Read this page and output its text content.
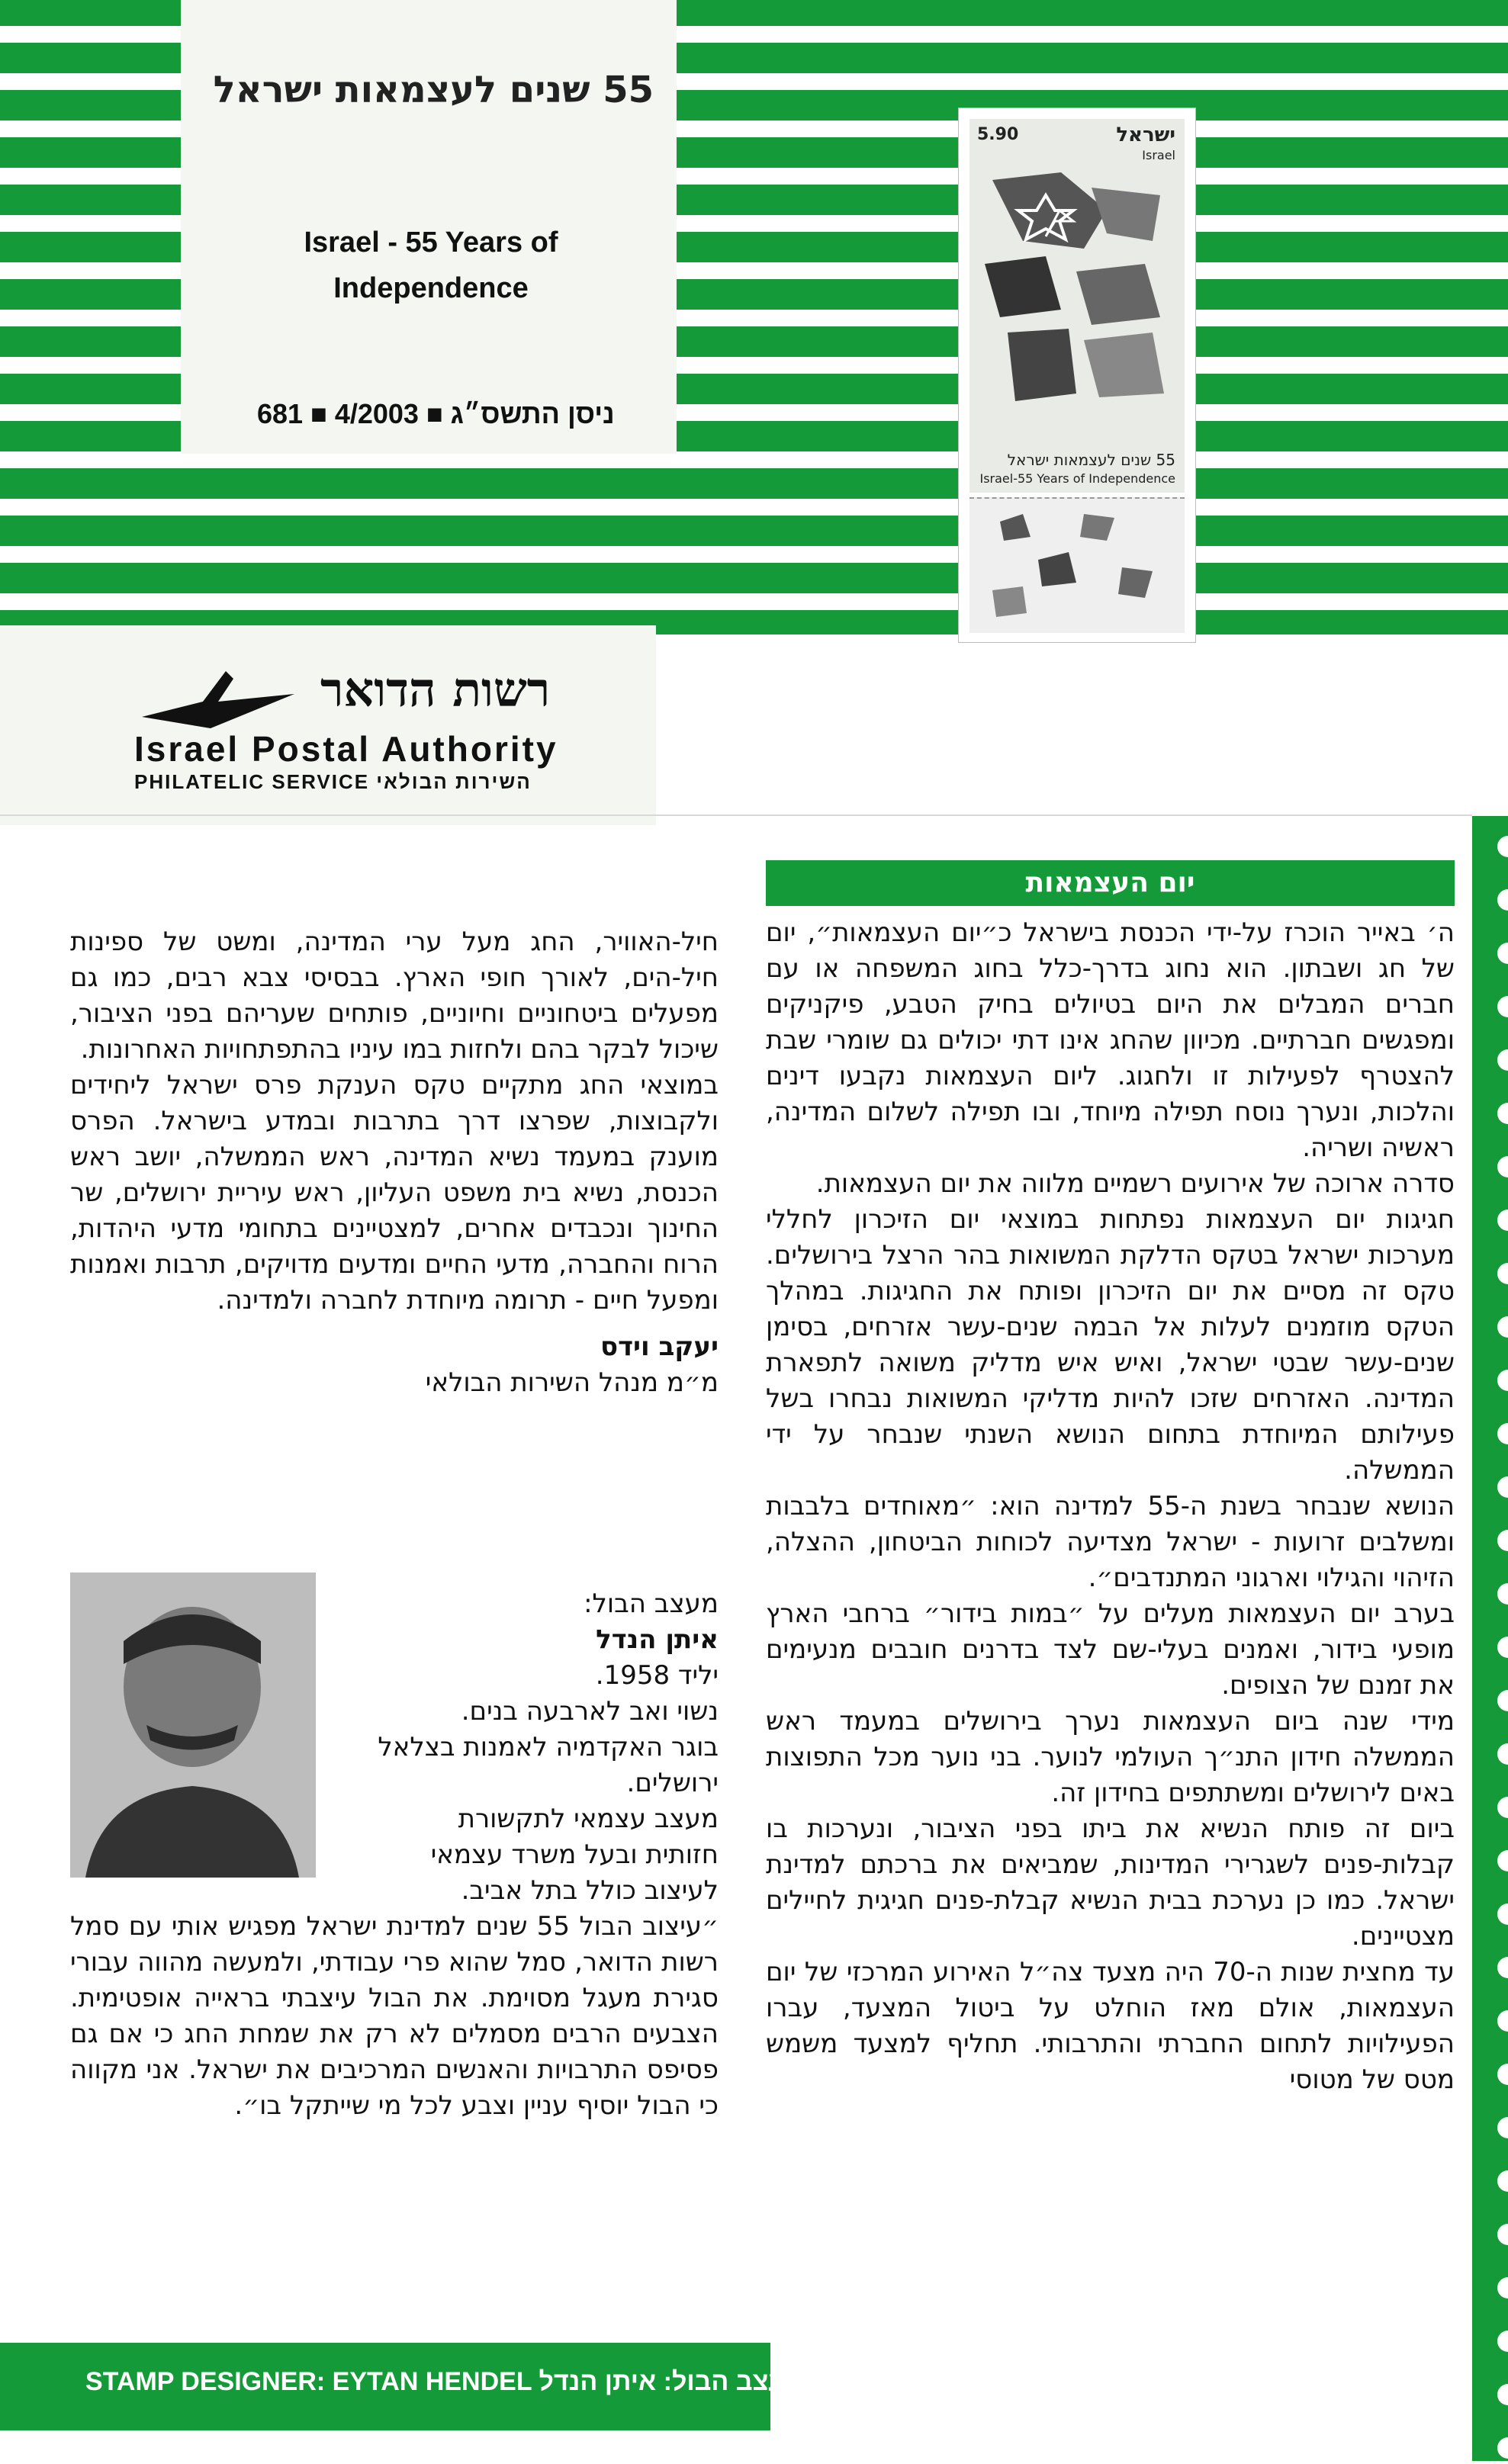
55 שנים לעצמאות ישראל
Israel - 55 Years of
Independence
ניסן התשס״ג ■ 4/2003 ■ 681
5.90	ישראל
Israel
55 שנים לעצמאות ישראל
Israel-55 Years of Independence
רשות הדואר
Israel Postal Authority
PHILATELIC SERVICE השירות הבולאי
יום העצמאות

ה׳ באייר הוכרז על-ידי הכנסת בישראל כ״יום העצמאות״, יום של חג ושבתון. הוא נחוג בדרך-כלל בחוג המשפחה או עם חברים המבלים את היום בטיולים בחיק הטבע, פיקניקים ומפגשים חברתיים. מכיוון שהחג אינו דתי יכולים גם שומרי שבת להצטרף לפעילות זו ולחגוג. ליום העצמאות נקבעו דינים והלכות, ונערך נוסח תפילה מיוחד, ובו תפילה לשלום המדינה, ראשיה ושריה.

סדרה ארוכה של אירועים רשמיים מלווה את יום העצמאות.

חגיגות יום העצמאות נפתחות במוצאי יום הזיכרון לחללי מערכות ישראל בטקס הדלקת המשואות בהר הרצל בירושלים. טקס זה מסיים את יום הזיכרון ופותח את החגיגות. במהלך הטקס מוזמנים לעלות אל הבמה שנים-עשר אזרחים, בסימן שנים-עשר שבטי ישראל, ואיש איש מדליק משואה לתפארת המדינה. האזרחים שזכו להיות מדליקי המשואות נבחרו בשל פעילותם המיוחדת בתחום הנושא השנתי שנבחר על ידי הממשלה.

הנושא שנבחר בשנת ה-55 למדינה הוא: ״מאוחדים בלבבות ומשלבים זרועות - ישראל מצדיעה לכוחות הביטחון, ההצלה, הזיהוי והגילוי וארגוני המתנדבים״.

בערב יום העצמאות מעלים על ״במות בידור״ ברחבי הארץ מופעי בידור, ואמנים בעלי-שם לצד בדרנים חובבים מנעימים את זמנם של הצופים.

מידי שנה ביום העצמאות נערך בירושלים במעמד ראש הממשלה חידון התנ״ך העולמי לנוער. בני נוער מכל התפוצות באים לירושלים ומשתתפים בחידון זה.

ביום זה פותח הנשיא את ביתו בפני הציבור, ונערכות בו קבלות-פנים לשגרירי המדינות, שמביאים את ברכתם למדינת ישראל. כמו כן נערכת בבית הנשיא קבלת-פנים חגיגית לחיילים מצטיינים.

עד מחצית שנות ה-70 היה מצעד צה״ל האירוע המרכזי של יום העצמאות, אולם מאז הוחלט על ביטול המצעד, עברו הפעילויות לתחום החברתי והתרבותי. תחליף למצעד משמש מטס של מטוסי

חיל-האוויר, החג מעל ערי המדינה, ומשט של ספינות חיל-הים, לאורך חופי הארץ. בבסיסי צבא רבים, כמו גם מפעלים ביטחוניים וחיוניים, פותחים שעריהם בפני הציבור, שיכול לבקר בהם ולחזות במו עיניו בהתפתחויות האחרונות.

במוצאי החג מתקיים טקס הענקת פרס ישראל ליחידים ולקבוצות, שפרצו דרך בתרבות ובמדע בישראל. הפרס מוענק במעמד נשיא המדינה, ראש הממשלה, יושב ראש הכנסת, נשיא בית משפט העליון, ראש עיריית ירושלים, שר החינוך ונכבדים אחרים, למצטיינים בתחומי מדעי היהדות, הרוח והחברה, מדעי החיים ומדעים מדויקים, תרבות ואמנות ומפעל חיים - תרומה מיוחדת לחברה ולמדינה.

יעקב וידס
מ״מ מנהל השירות הבולאי
מעצב הבול:
איתן הנדל
יליד 1958.
נשוי ואב לארבעה בנים.
בוגר האקדמיה לאמנות בצלאל
ירושלים.
מעצב עצמאי לתקשורת
חזותית ובעל משרד עצמאי
לעיצוב כולל בתל אביב.
״עיצוב הבול 55 שנים למדינת ישראל מפגיש אותי עם סמל רשות הדואר, סמל שהוא פרי עבודתי, ולמעשה מהווה עבורי סגירת מעגל מסוימת. את הבול עיצבתי בראייה אופטימית. הצבעים הרבים מסמלים לא רק את שמחת החג כי אם גם פסיפס התרבויות והאנשים המרכיבים את ישראל. אני מקווה כי הבול יוסיף עניין וצבע לכל מי שייתקל בו״.
STAMP DESIGNER: EYTAN HENDEL מעצב הבול: איתן הנדל
